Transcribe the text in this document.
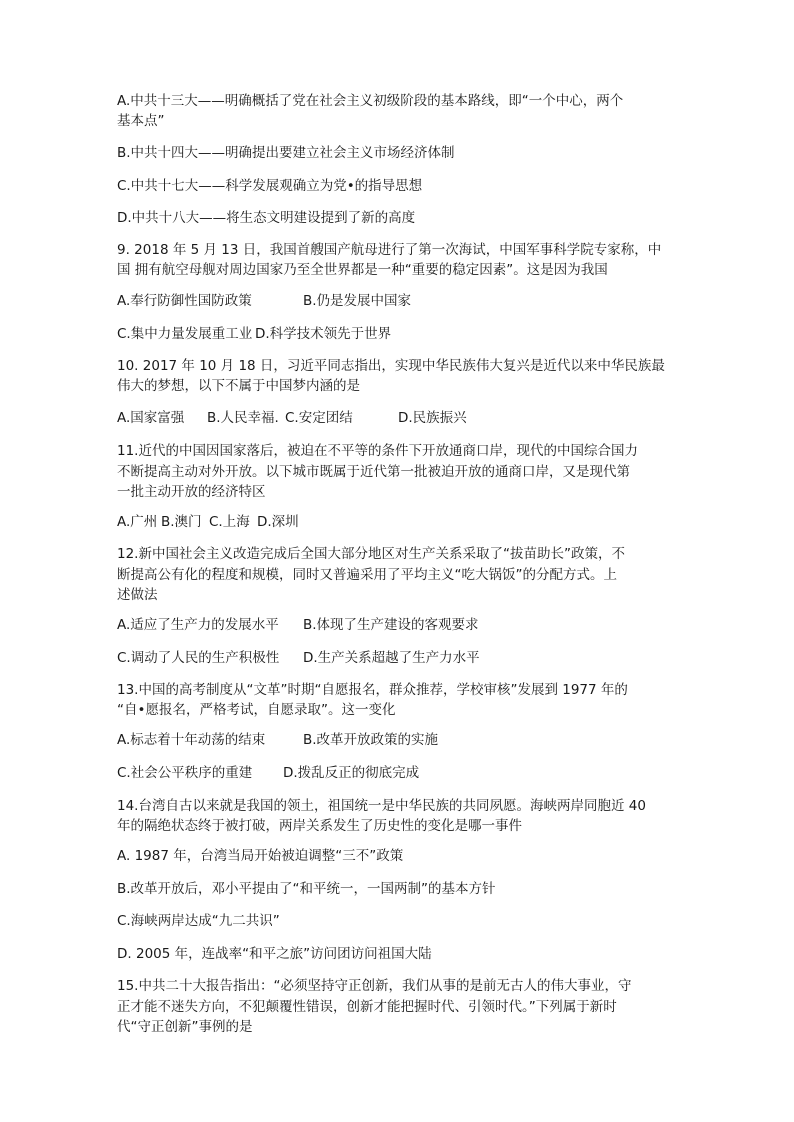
A.中共十三大——明确概括了党在社会主义初级阶段的基本路线，即“一个中心，两个
基本点”
B.中共十四大——明确提出要建立社会主义市场经济体制
C.中共十七大——科学发展观确立为党•的指导思想
D.中共十八大——将生态文明建设提到了新的高度
9. 2018 年 5 月 13 日，我国首艘国产航母进行了第一次海试，中国军事科学院专家称，中
国 拥有航空母舰对周边国家乃至全世界都是一种“重要的稳定因素”。这是因为我国
A.奉行防御性国防政策	B.仍是发展中国家
C.集中力量发展重工业 D.科学技术领先于世界
10. 2017 年 10 月 18 日，习近平同志指出，实现中华民族伟大复兴是近代以来中华民族最
伟大的梦想，以下不属于中国梦内涵的是
A.国家富强 B.人民幸福. C.安定团结	D.民族振兴
11.近代的中国因国家落后，被迫在不平等的条件下开放通商口岸，现代的中国综合国力
不断提高主动对外开放。以下城市既属于近代第一批被迫开放的通商口岸，又是现代第
一批主动开放的经济特区
A.广州 B.澳门 C.上海 D.深圳
12.新中国社会主义改造完成后全国大部分地区对生产关系采取了“拔苗助长”政策，不
断提高公有化的程度和规模，同时又普遍采用了平均主义“吃大锅饭”的分配方式。上
述做法
A.适应了生产力的发展水平 B.体现了生产建设的客观要求
C.调动了人民的生产积极性 D.生产关系超越了生产力水平
13.中国的高考制度从“文革”时期“自愿报名，群众推荐，学校审核”发展到 1977 年的
“自•愿报名，严格考试，自愿录取”。这一变化
A.标志着十年动荡的结束	B.改革开放政策的实施
C.社会公平秩序的重建 D.拨乱反正的彻底完成
14.台湾自古以来就是我国的领土，祖国统一是中华民族的共同夙愿。海峡两岸同胞近 40
年的隔绝状态终于被打破，两岸关系发生了历史性的变化是哪一事件
A. 1987 年，台湾当局开始被迫调整“三不”政策
B.改革开放后，邓小平提由了“和平统一，一国两制”的基本方针
C.海峡两岸达成“九二共识”
D. 2005 年，连战率“和平之旅”访问团访问祖国大陆
15.中共二十大报告指出：“必须坚持守正创新，我们从事的是前无古人的伟大事业，守
正才能不迷失方向，不犯颠覆性错误，创新才能把握时代、引领时代。”下列属于新时
代“守正创新”事例的是
